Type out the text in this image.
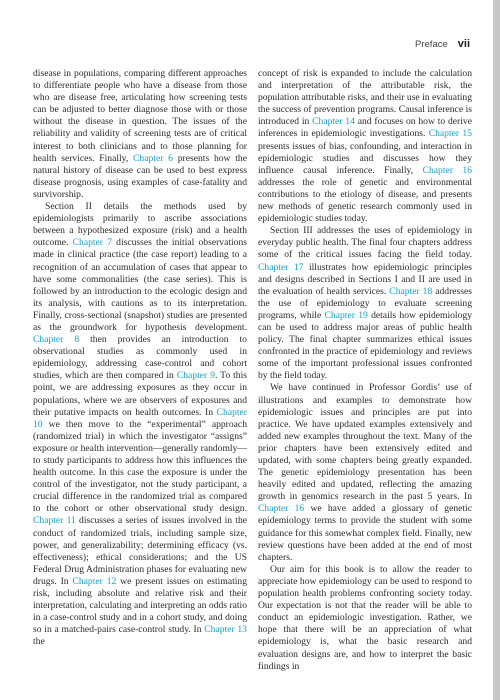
Preface vii

disease in populations, comparing different approaches to differentiate people who have a disease from those who are disease free, articulating how screening tests can be adjusted to better diagnose those with or those without the disease in question. The issues of the reliability and validity of screening tests are of critical interest to both clinicians and to those planning for health services. Finally, Chapter 6 presents how the natural history of disease can be used to best express disease prognosis, using examples of case-fatality and survivorship.

Section II details the methods used by epidemiologists primarily to ascribe associations between a hypothesized exposure (risk) and a health outcome. Chapter 7 discusses the initial observations made in clinical practice (the case report) leading to a recognition of an accumulation of cases that appear to have some commonalities (the case series). This is followed by an introduction to the ecologic design and its analysis, with cautions as to its interpretation. Finally, cross-sectional (snapshot) studies are presented as the groundwork for hypothesis development. Chapter 8 then provides an introduction to observational studies as commonly used in epidemiology, addressing case-control and cohort studies, which are then compared in Chapter 9. To this point, we are addressing exposures as they occur in populations, where we are observers of exposures and their putative impacts on health outcomes. In Chapter 10 we then move to the “experimental” approach (randomized trial) in which the investigator “assigns” exposure or health intervention—generally randomly—to study participants to address how this influences the health outcome. In this case the exposure is under the control of the investigator, not the study participant, a crucial difference in the randomized trial as compared to the cohort or other observational study design. Chapter 11 discusses a series of issues involved in the conduct of randomized trials, including sample size, power, and generalizability; determining efficacy (vs. effectiveness); ethical considerations; and the US Federal Drug Administration phases for evaluating new drugs. In Chapter 12 we present issues on estimating risk, including absolute and relative risk and their interpretation, calculating and interpreting an odds ratio in a case-control study and in a cohort study, and doing so in a matched-pairs case-control study. In Chapter 13 the

concept of risk is expanded to include the calculation and interpretation of the attributable risk, the population attributable risks, and their use in evaluating the success of prevention programs. Causal inference is introduced in Chapter 14 and focuses on how to derive inferences in epidemiologic investigations. Chapter 15 presents issues of bias, confounding, and interaction in epidemiologic studies and discusses how they influence causal inference. Finally, Chapter 16 addresses the role of genetic and environmental contributions to the etiology of disease, and presents new methods of genetic research commonly used in epidemiologic studies today.

Section III addresses the uses of epidemiology in everyday public health. The final four chapters address some of the critical issues facing the field today. Chapter 17 illustrates how epidemiologic principles and designs described in Sections I and II are used in the evaluation of health services. Chapter 18 addresses the use of epidemiology to evaluate screening programs, while Chapter 19 details how epidemiology can be used to address major areas of public health policy. The final chapter summarizes ethical issues confronted in the practice of epidemiology and reviews some of the important professional issues confronted by the field today.

We have continued in Professor Gordis’ use of illustrations and examples to demonstrate how epidemiologic issues and principles are put into practice. We have updated examples extensively and added new examples throughout the text. Many of the prior chapters have been extensively edited and updated, with some chapters being greatly expanded. The genetic epidemiology presentation has been heavily edited and updated, reflecting the amazing growth in genomics research in the past 5 years. In Chapter 16 we have added a glossary of genetic epidemiology terms to provide the student with some guidance for this somewhat complex field. Finally, new review questions have been added at the end of most chapters.

Our aim for this book is to allow the reader to appreciate how epidemiology can be used to respond to population health problems confronting society today. Our expectation is not that the reader will be able to conduct an epidemiologic investigation. Rather, we hope that there will be an appreciation of what epidemiology is, what the basic research and evaluation designs are, and how to interpret the basic findings in
